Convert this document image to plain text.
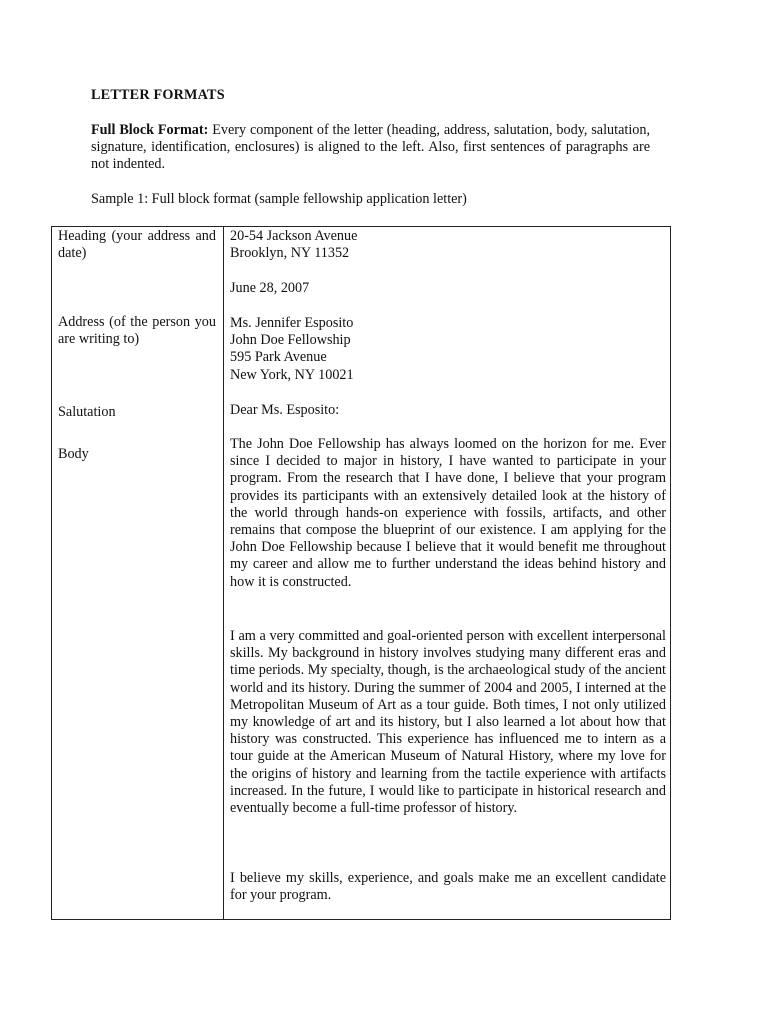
LETTER FORMATS
Full Block Format: Every component of the letter (heading, address, salutation, body, salutation, signature, identification, enclosures) is aligned to the left. Also, first sentences of paragraphs are not indented.
Sample 1: Full block format (sample fellowship application letter)
Heading (your address and date)
Address (of the person you are writing to)
Salutation
Body
20-54 Jackson Avenue
Brooklyn, NY 11352
June 28, 2007
Ms. Jennifer Esposito
John Doe Fellowship
595 Park Avenue
New York, NY 10021
Dear Ms. Esposito:
The John Doe Fellowship has always loomed on the horizon for me. Ever since I decided to major in history, I have wanted to participate in your program. From the research that I have done, I believe that your program provides its participants with an extensively detailed look at the history of the world through hands-on experience with fossils, artifacts, and other remains that compose the blueprint of our existence. I am applying for the John Doe Fellowship because I believe that it would benefit me throughout my career and allow me to further understand the ideas behind history and how it is constructed.
I am a very committed and goal-oriented person with excellent interpersonal skills. My background in history involves studying many different eras and time periods. My specialty, though, is the archaeological study of the ancient world and its history. During the summer of 2004 and 2005, I interned at the Metropolitan Museum of Art as a tour guide. Both times, I not only utilized my knowledge of art and its history, but I also learned a lot about how that history was constructed. This experience has influenced me to intern as a tour guide at the American Museum of Natural History, where my love for the origins of history and learning from the tactile experience with artifacts increased. In the future, I would like to participate in historical research and eventually become a full-time professor of history.
I believe my skills, experience, and goals make me an excellent candidate for your program.
